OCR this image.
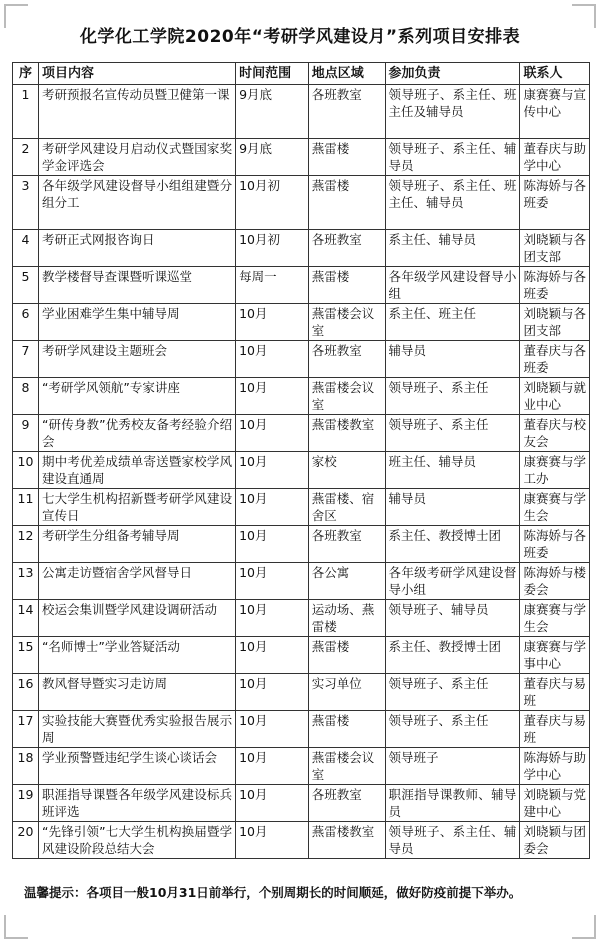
化学化工学院2020年“考研学风建设月”系列项目安排表
序	项目内容	时间范围	地点区域	参加负责	联系人
1	考研预报名宣传动员暨卫健第一课	9月底	各班教室	领导班子、系主任、班主任及辅导员	康赛赛与宣传中心
2	考研学风建设月启动仪式暨国家奖学金评选会	9月底	燕雷楼	领导班子、系主任、辅导员	董春庆与助学中心
3	各年级学风建设督导小组组建暨分组分工	10月初	燕雷楼	领导班子、系主任、班主任、辅导员	陈海娇与各班委
4	考研正式网报咨询日	10月初	各班教室	系主任、辅导员	刘晓颖与各团支部
5	教学楼督导查课暨听课巡堂	每周一	燕雷楼	各年级学风建设督导小组	陈海娇与各班委
6	学业困难学生集中辅导周	10月	燕雷楼会议室	系主任、班主任	刘晓颖与各团支部
7	考研学风建设主题班会	10月	各班教室	辅导员	董春庆与各班委
8	“考研学风领航”专家讲座	10月	燕雷楼会议室	领导班子、系主任	刘晓颖与就业中心
9	“研传身教”优秀校友备考经验介绍会	10月	燕雷楼教室	领导班子、系主任	董春庆与校友会
10	期中考优差成绩单寄送暨家校学风建设直通周	10月	家校	班主任、辅导员	康赛赛与学工办
11	七大学生机构招新暨考研学风建设宣传日	10月	燕雷楼、宿舍区	辅导员	康赛赛与学生会
12	考研学生分组备考辅导周	10月	各班教室	系主任、教授博士团	陈海娇与各班委
13	公寓走访暨宿舍学风督导日	10月	各公寓	各年级考研学风建设督导小组	陈海娇与楼委会
14	校运会集训暨学风建设调研活动	10月	运动场、燕雷楼	领导班子、辅导员	康赛赛与学生会
15	“名师博士”学业答疑活动	10月	燕雷楼	系主任、教授博士团	康赛赛与学事中心
16	教风督导暨实习走访周	10月	实习单位	领导班子、系主任	董春庆与易班
17	实验技能大赛暨优秀实验报告展示周	10月	燕雷楼	领导班子、系主任	董春庆与易班
18	学业预警暨违纪学生谈心谈话会	10月	燕雷楼会议室	领导班子	陈海娇与助学中心
19	职涯指导课暨各年级学风建设标兵班评选	10月	各班教室	职涯指导课教师、辅导员	刘晓颖与党建中心
20	“先锋引领”七大学生机构换届暨学风建设阶段总结大会	10月	燕雷楼教室	领导班子、系主任、辅导员	刘晓颖与团委会
温馨提示：各项目一般10月31日前举行，个别周期长的时间顺延，做好防疫前提下举办。
